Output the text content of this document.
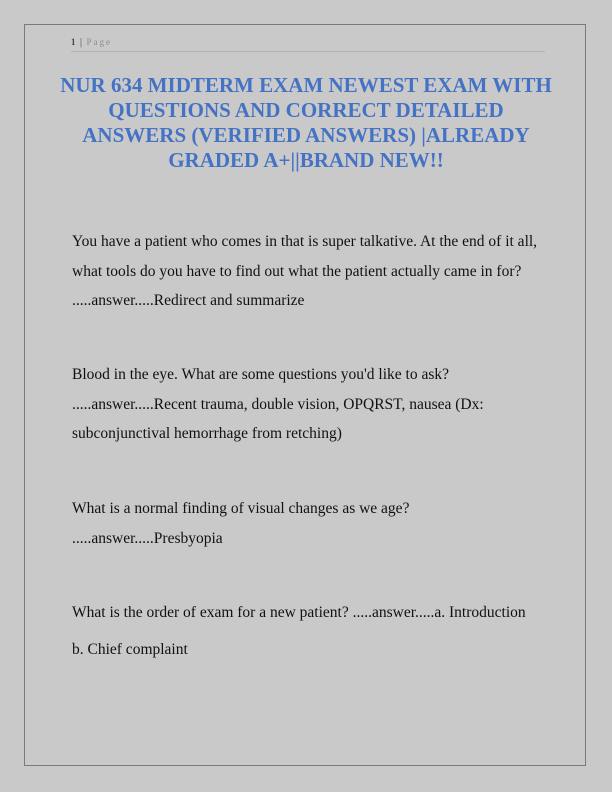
1 | Page
NUR 634 MIDTERM EXAM NEWEST EXAM WITH QUESTIONS AND CORRECT DETAILED ANSWERS (VERIFIED ANSWERS) |ALREADY GRADED A+||BRAND NEW!!

You have a patient who comes in that is super talkative. At the end of it all, what tools do you have to find out what the patient actually came in for? .....answer.....Redirect and summarize

Blood in the eye. What are some questions you'd like to ask? .....answer.....Recent trauma, double vision, OPQRST, nausea (Dx: subconjunctival hemorrhage from retching)

What is a normal finding of visual changes as we age? .....answer.....Presbyopia

What is the order of exam for a new patient? .....answer.....a. Introduction

b. Chief complaint
